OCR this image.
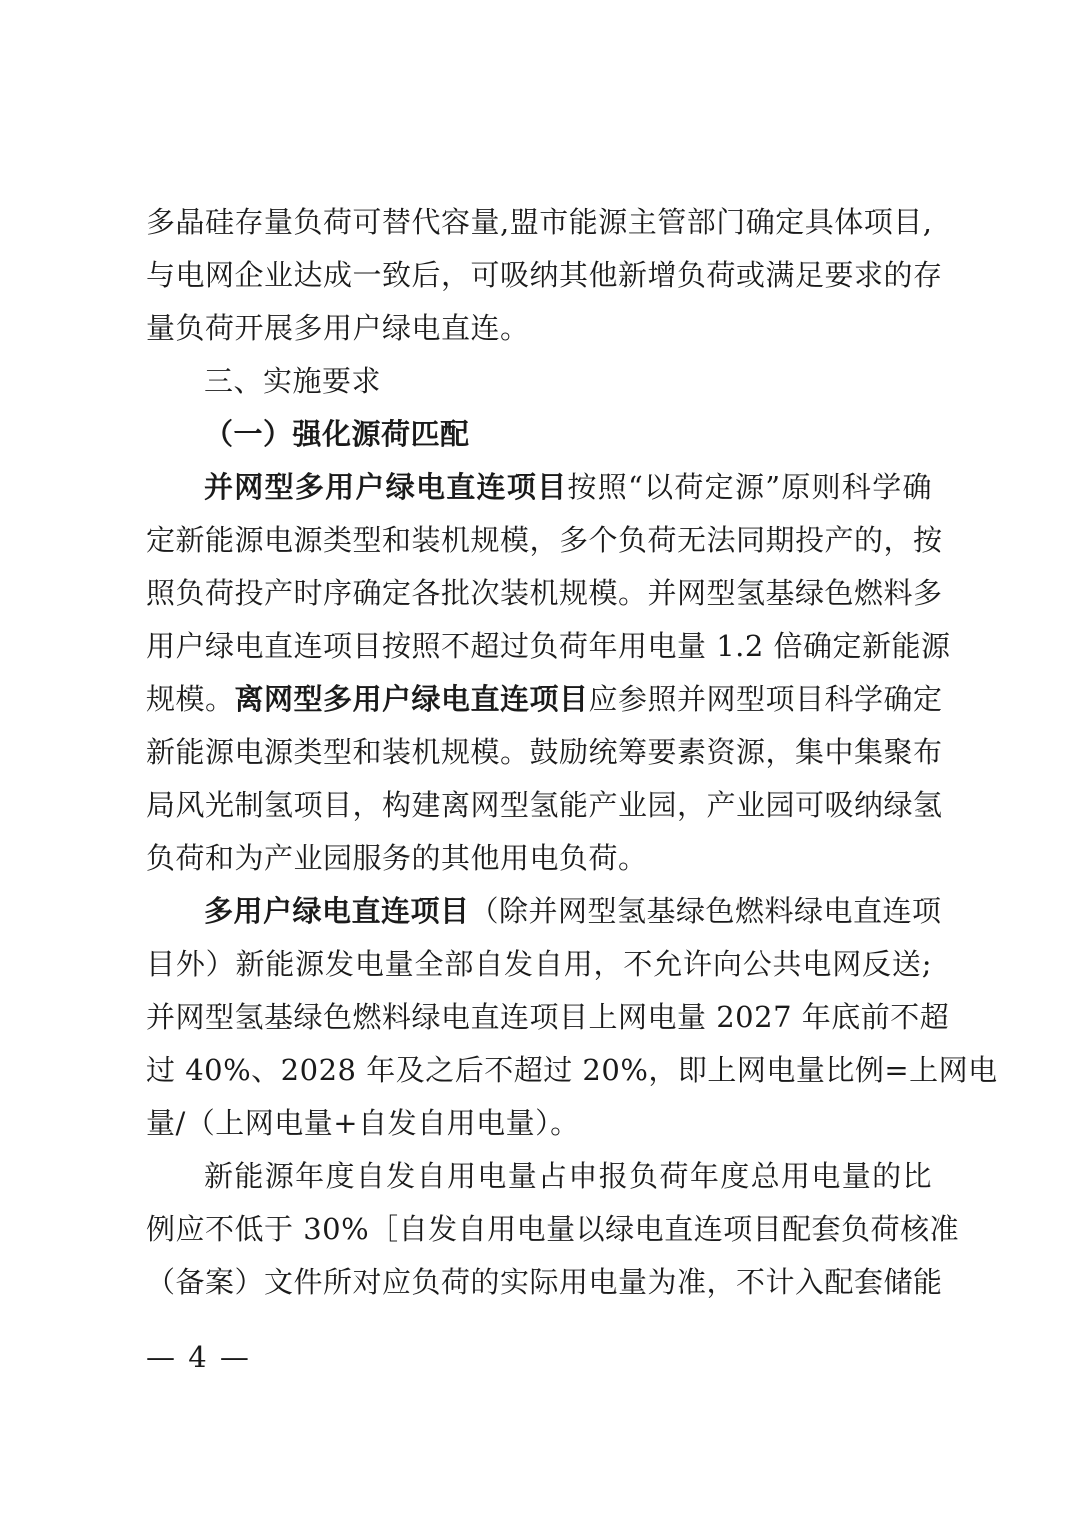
多晶硅存量负荷可替代容量,盟市能源主管部门确定具体项目,
与电网企业达成一致后，可吸纳其他新增负荷或满足要求的存
量负荷开展多用户绿电直连。
三、实施要求
（一）强化源荷匹配
并网型多用户绿电直连项目按照“以荷定源”原则科学确
定新能源电源类型和装机规模，多个负荷无法同期投产的，按
照负荷投产时序确定各批次装机规模。并网型氢基绿色燃料多
用户绿电直连项目按照不超过负荷年用电量 1.2 倍确定新能源
规模。离网型多用户绿电直连项目应参照并网型项目科学确定
新能源电源类型和装机规模。鼓励统筹要素资源，集中集聚布
局风光制氢项目，构建离网型氢能产业园，产业园可吸纳绿氢
负荷和为产业园服务的其他用电负荷。
多用户绿电直连项目（除并网型氢基绿色燃料绿电直连项
目外）新能源发电量全部自发自用，不允许向公共电网反送;
并网型氢基绿色燃料绿电直连项目上网电量 2027 年底前不超
过 40%、2028 年及之后不超过 20%，即上网电量比例=上网电
量/（上网电量+自发自用电量）。
新能源年度自发自用电量占申报负荷年度总用电量的比
例应不低于 30%［自发自用电量以绿电直连项目配套负荷核准
（备案）文件所对应负荷的实际用电量为准，不计入配套储能
— 4 —
